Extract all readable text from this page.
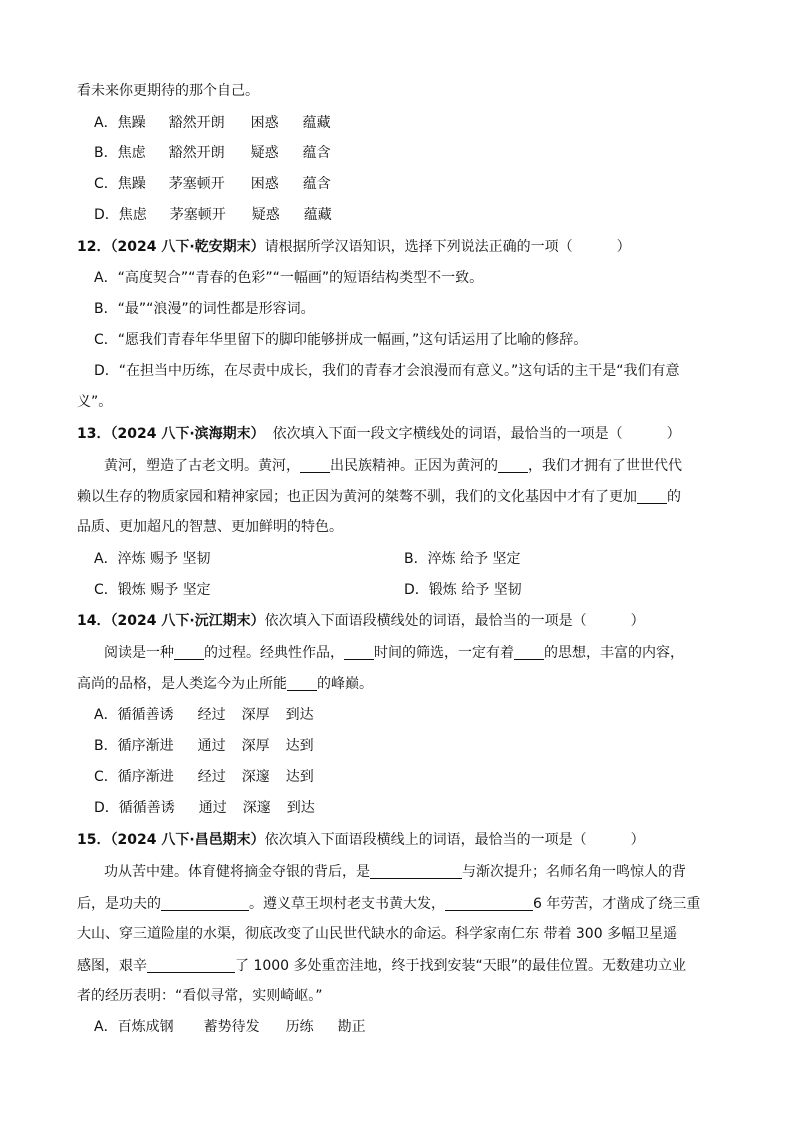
看未来你更期待的那个自己。
A．焦躁 豁然开朗 困惑 蕴藏
B．焦虑 豁然开朗 疑惑 蕴含
C．焦躁 茅塞顿开 困惑 蕴含
D．焦虑 茅塞顿开 疑惑 蕴藏
12．（2024 八下·乾安期末）请根据所学汉语知识，选择下列说法正确的一项（	）
A．“高度契合”“青春的色彩”“一幅画”的短语结构类型不一致。
B．“最”“浪漫”的词性都是形容词。
C．“愿我们青春年华里留下的脚印能够拼成一幅画，”这句话运用了比喻的修辞。
D．“在担当中历练，在尽责中成长，我们的青春才会浪漫而有意义。”这句话的主干是“我们有意
义”。
13．（2024 八下·滨海期末） 依次填入下面一段文字横线处的词语，最恰当的一项是（	）
黄河，塑造了古老文明。黄河， 出民族精神。正因为黄河的 ，我们才拥有了世世代代
赖以生存的物质家园和精神家园；也正因为黄河的桀骜不驯，我们的文化基因中才有了更加 的
品质、更加超凡的智慧、更加鲜明的特色。
A．淬炼 赐予 坚韧	B．淬炼 给予 坚定
C．锻炼 赐予 坚定	D．锻炼 给予 坚韧
14．（2024 八下·沅江期末）依次填入下面语段横线处的词语，最恰当的一项是（	）
阅读是一种 的过程。经典性作品， 时间的筛选，一定有着 的思想，丰富的内容，
高尚的品格，是人类迄今为止所能 的峰巅。
A．循循善诱 经过 深厚 到达
B．循序渐进 通过 深厚 达到
C．循序渐进 经过 深邃 达到
D．循循善诱 通过 深邃 到达
15．（2024 八下·昌邑期末）依次填入下面语段横线上的词语，最恰当的一项是（	）
功从苦中建。体育健将摘金夺银的背后，是	与渐次提升；名师名角一鸣惊人的背
后，是功夫的	。遵义草王坝村老支书黄大发，	6 年劳苦，才凿成了绕三重
大山、穿三道险崖的水渠，彻底改变了山民世代缺水的命运。科学家南仁东 带着 300 多幅卫星遥
感图，艰辛	了 1000 多处重峦洼地，终于找到安装“天眼”的最佳位置。无数建功立业
者的经历表明：“看似寻常，实则崎岖。”
A．百炼成钢 蓄势待发 历练 勘正
